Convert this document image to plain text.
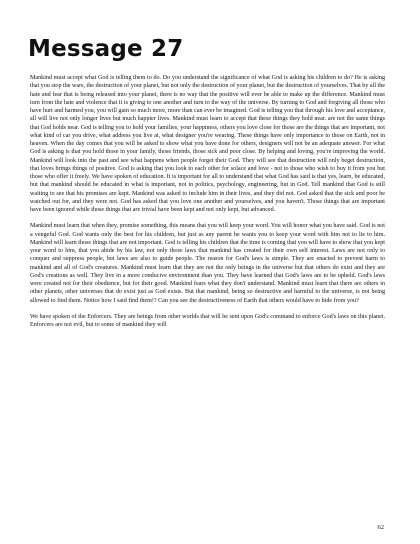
Message 27

Mankind must accept what God is telling them to do. Do you understand the significance of what God is asking his children to do? He is asking that you stop the wars, the destruction of your planet, but not only the destruction of your planet, but the destruction of yourselves. That by all the hate and fear that is being released into your planet, there is no way that the positive will ever be able to make up the difference. Mankind must turn from the hate and violence that it is giving to one another and turn to the way of the universe. By turning to God and forgiving all those who have hurt and harmed you, you will gain so much more, more than can ever be imagined. God is telling you that through his love and acceptance, all will live not only longer lives but much happier lives. Mankind must learn to accept that these things they hold near. are not the same things that God holds near. God is telling you to hold your families, your happiness, others you love close for those are the things that are important, not what kind of car you drive, what address you live at, what designer you're wearing. These things have only importance to those on Earth, not in heaven. When the day comes that you will be asked to show what you have done for others, designers will not be an adequate answer. For what God is asking is that you hold those in your family, those friends, those sick and poor close. By helping and loving, you're improving the world. Mankind will look into the past and see what happens when people forget their God. They will see that destruction will only beget destruction, that loves brings things of positive. God is asking that you look to each other for solace and love - not to those who wish to buy it from you but those who offer it freely. We have spoken of education. It is important for all to understand that what God has said is that yes, learn, be educated, but that mankind should be educated in what is important, not in politics, psychology, engineering, but in God. Tell mankind that God is still waiting to see that his promises are kept. Mankind was asked to include him in their lives, and they did not. God asked that the sick and poor be watched out for, and they were not. God has asked that you love one another and yourselves, and you haven't. Those things that are important have been ignored while those things that are trivial have been kept and not only kept, but advanced.

Mankind must learn that when they, promise something, this means that you will keep your word. You will honor what you have said. God is not a vengeful God. God wants only the best for his children, but just as any parent he wants you to keep your word with him not to lie to him. Mankind will learn those things that are not important. God is telling his children that the time is coming that you will have to show that you kept your word to him, that you abide by his law, not only those laws that mankind has created for their own self interest. Laws are not only to conquer and suppress people, but laws are also to guide people. The reason for God's laws is simple. They are enacted to prevent harm to mankind and all of God's creatures. Mankind must learn that they are not the only beings in the universe but that others do exist and they are God's creations as well. They live in a more conducive environment than you. They have learned that God's laws are to be upheld. God's laws were created not for their obedience, but for their good. Mankind fears what they don't understand. Mankind must learn that there are others in other planets, other universes that do exist just as God exists. But that mankind, being so destructive and harmful to the universe, is not being allowed to find them. Notice how I said find them!? Can you see the destructiveness of Earth that others would have to hide from you?

We have spoken of the Enforcers. They are beings from other worlds that will be sent upon God's command to enforce God's laws on this planet. Enforcers are not evil, but to some of mankind they will

62
